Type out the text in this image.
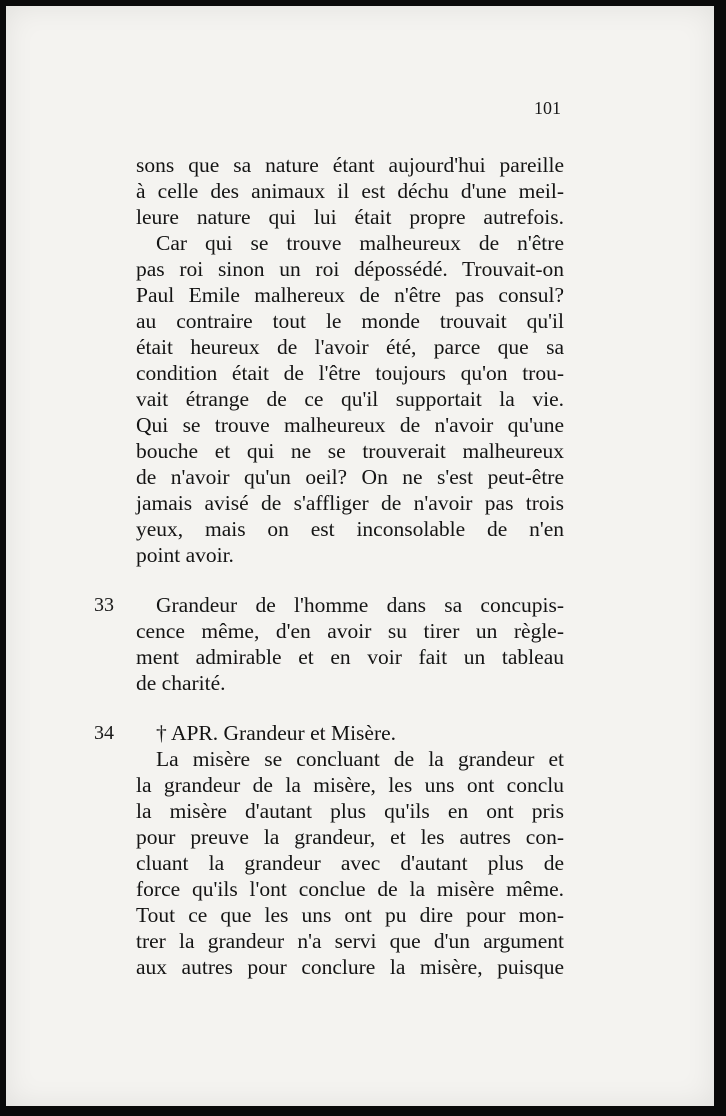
101
sons que sa nature étant aujourd'hui pareille
à celle des animaux il est déchu d'une meil-
leure nature qui lui était propre autrefois.
Car qui se trouve malheureux de n'être
pas roi sinon un roi dépossédé. Trouvait-on
Paul Emile malhereux de n'être pas consul?
au contraire tout le monde trouvait qu'il
était heureux de l'avoir été, parce que sa
condition était de l'être toujours qu'on trou-
vait étrange de ce qu'il supportait la vie.
Qui se trouve malheureux de n'avoir qu'une
bouche et qui ne se trouverait malheureux
de n'avoir qu'un oeil? On ne s'est peut-être
jamais avisé de s'affliger de n'avoir pas trois
yeux, mais on est inconsolable de n'en
point avoir.
33 Grandeur de l'homme dans sa concupis-
cence même, d'en avoir su tirer un règle-
ment admirable et en voir fait un tableau
de charité.
34 † APR. Grandeur et Misère.
La misère se concluant de la grandeur et
la grandeur de la misère, les uns ont conclu
la misère d'autant plus qu'ils en ont pris
pour preuve la grandeur, et les autres con-
cluant la grandeur avec d'autant plus de
force qu'ils l'ont conclue de la misère même.
Tout ce que les uns ont pu dire pour mon-
trer la grandeur n'a servi que d'un argument
aux autres pour conclure la misère, puisque
